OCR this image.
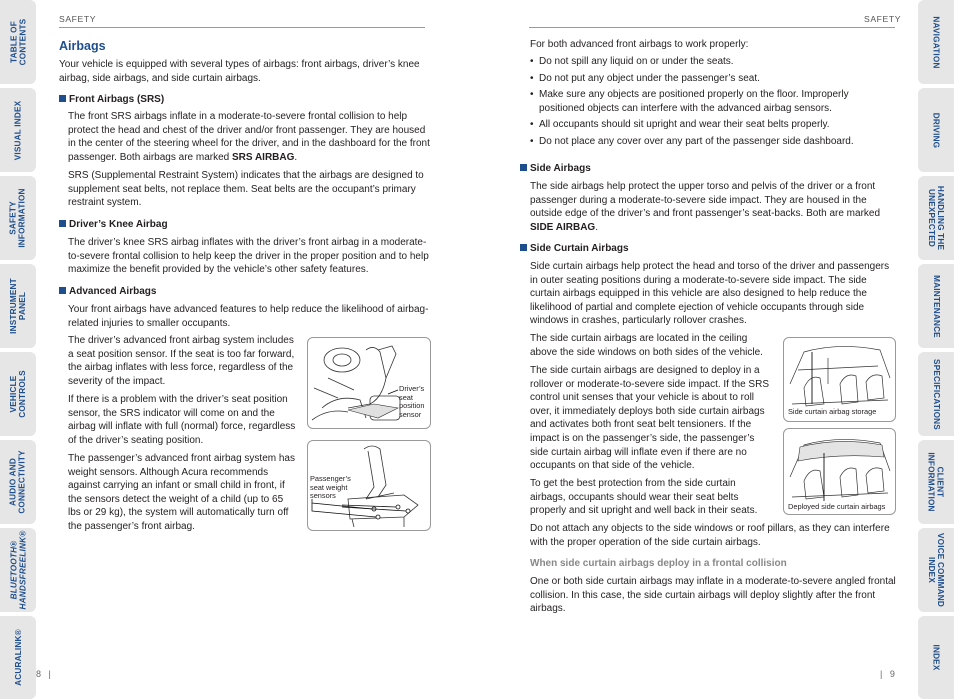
TABLE OF
CONTENTS
VISUAL INDEX
SAFETY
INFORMATION
INSTRUMENT
PANEL
VEHICLE
CONTROLS
AUDIO AND
CONNECTIVITY
BLUETOOTH®
HANDSFREELINK®
ACURALINK®
NAVIGATION
DRIVING
HANDLING THE
UNEXPECTED
MAINTENANCE
SPECIFICATIONS
CLIENT
INFORMATION
VOICE COMMAND
INDEX
INDEX
SAFETY
Airbags
Your vehicle is equipped with several types of airbags: front airbags, driver’s knee airbag, side airbags, and side curtain airbags.
Front Airbags (SRS)
The front SRS airbags inflate in a moderate-to-severe frontal collision to help protect the head and chest of the driver and/or front passenger. They are housed in the center of the steering wheel for the driver, and in the dashboard for the front passenger. Both airbags are marked SRS AIRBAG.
SRS (Supplemental Restraint System) indicates that the airbags are designed to supplement seat belts, not replace them. Seat belts are the occupant’s primary restraint system.
Driver’s Knee Airbag
The driver’s knee SRS airbag inflates with the driver’s front airbag in a moderate-to-severe frontal collision to help keep the driver in the proper position and to help maximize the benefit provided by the vehicle’s other safety features.
Advanced Airbags
Your front airbags have advanced features to help reduce the likelihood of airbag-related injuries to smaller occupants.
The driver’s advanced front airbag system includes a seat position sensor. If the seat is too far forward, the airbag inflates with less force, regardless of the severity of the impact.
If there is a problem with the driver’s seat position sensor, the SRS indicator will come on and the airbag will inflate with full (normal) force, regardless of the driver’s seating position.
The passenger’s advanced front airbag system has weight sensors. Although Acura recommends against carrying an infant or small child in front, if the sensors detect the weight of a child (up to 65 lbs or 29 kg), the system will automatically turn off the passenger’s front airbag.
Driver’s
seat
position
sensor
Passenger’s
seat weight
sensors
8   |
SAFETY
For both advanced front airbags to work properly:
• Do not spill any liquid on or under the seats.
• Do not put any object under the passenger’s seat.
• Make sure any objects are positioned properly on the floor. Improperly positioned objects can interfere with the advanced airbag sensors.
• All occupants should sit upright and wear their seat belts properly.
• Do not place any cover over any part of the passenger side dashboard.
Side Airbags
The side airbags help protect the upper torso and pelvis of the driver or a front passenger during a moderate-to-severe side impact. They are housed in the outside edge of the driver’s and front passenger’s seat-backs. Both are marked SIDE AIRBAG.
Side Curtain Airbags
Side curtain airbags help protect the head and torso of the driver and passengers in outer seating positions during a moderate-to-severe side impact. The side curtain airbags equipped in this vehicle are also designed to help reduce the likelihood of partial and complete ejection of vehicle occupants through side windows in crashes, particularly rollover crashes.
The side curtain airbags are located in the ceiling above the side windows on both sides of the vehicle.
The side curtain airbags are designed to deploy in a rollover or moderate-to-severe side impact. If the SRS control unit senses that your vehicle is about to roll over, it immediately deploys both side curtain airbags and activates both front seat belt tensioners. If the impact is on the passenger’s side, the passenger’s side curtain airbag will inflate even if there are no occupants on that side of the vehicle.
To get the best protection from the side curtain airbags, occupants should wear their seat belts properly and sit upright and well back in their seats.
Do not attach any objects to the side windows or roof pillars, as they can interfere with the proper operation of the side curtain airbags.
When side curtain airbags deploy in a frontal collision
One or both side curtain airbags may inflate in a moderate-to-severe angled frontal collision. In this case, the side curtain airbags will deploy slightly after the front airbags.
Side curtain airbag storage
Deployed side curtain airbags
|   9
